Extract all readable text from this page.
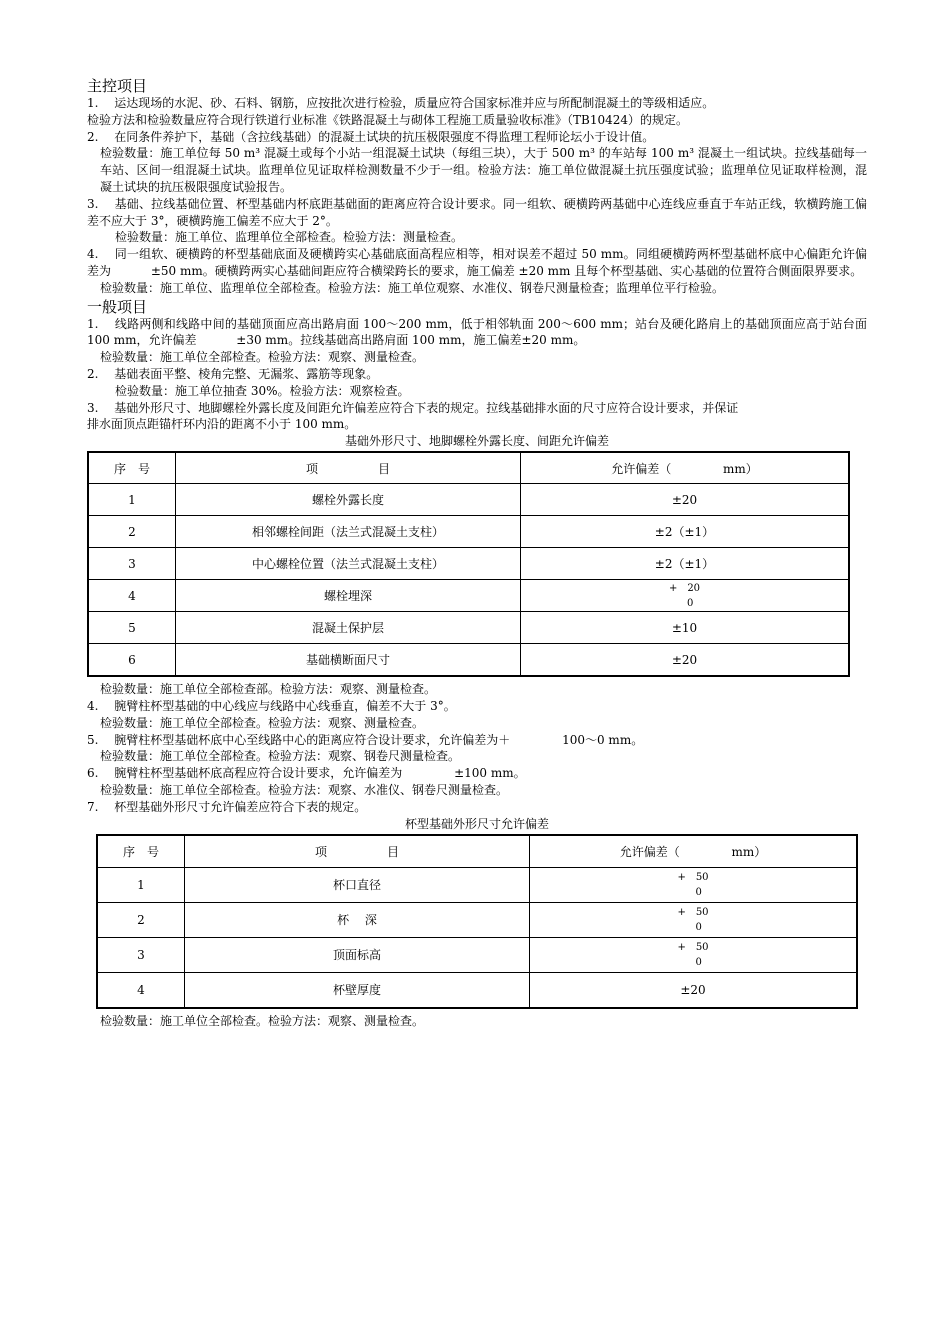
主控项目
1.　 运达现场的水泥、砂、石料、钢筋，应按批次进行检验，质量应符合国家标准并应与所配制混凝土的等级相适应。
检验方法和检验数量应符合现行铁道行业标准《铁路混凝土与砌体工程施工质量验收标准》（TB10424）的规定。
2.　 在同条件养护下，基础（含拉线基础）的混凝土试块的抗压极限强度不得监理工程师论坛小于设计值。
检验数量：施工单位每 50 m³ 混凝土或每个小站一组混凝土试块（每组三块），大于 500 m³ 的车站每 100 m³ 混凝土一组试块。拉线基础每一车站、区间一组混凝土试块。监理单位见证取样检测数量不少于一组。检验方法：施工单位做混凝土抗压强度试验；监理单位见证取样检测，混凝土试块的抗压极限强度试验报告。
3.　 基础、拉线基础位置、杯型基础内杯底距基础面的距离应符合设计要求。同一组软、硬横跨两基础中心连线应垂直于车站正线，软横跨施工偏差不应大于 3°，硬横跨施工偏差不应大于 2°。
检验数量：施工单位、监理单位全部检查。检验方法：测量检查。
4.　 同一组软、硬横跨的杯型基础底面及硬横跨实心基础底面高程应相等，相对误差不超过 50 mm。同组硬横跨两杯型基础杯底中心偏距允许偏差为　　　 ±50 mm。硬横跨两实心基础间距应符合横梁跨长的要求，施工偏差 ±20 mm 且每个杯型基础、实心基础的位置符合侧面限界要求。
检验数量：施工单位、监理单位全部检查。检验方法：施工单位观察、水准仪、钢卷尺测量检查；监理单位平行检验。
一般项目
1.　 线路两侧和线路中间的基础顶面应高出路肩面 100～200 mm，低于相邻轨面 200～600 mm；站台及硬化路肩上的基础顶面应高于站台面 100 mm，允许偏差　　　 ±30 mm。拉线基础高出路肩面 100 mm，施工偏差±20 mm。
检验数量：施工单位全部检查。检验方法：观察、测量检查。
2.　 基础表面平整、棱角完整、无漏浆、露筋等现象。
检验数量：施工单位抽查 30%。检验方法：观察检查。
3.　 基础外形尺寸、地脚螺栓外露长度及间距允许偏差应符合下表的规定。拉线基础排水面的尺寸应符合设计要求，并保证
排水面顶点距锚杆环内沿的距离不小于 100 mm。
基础外形尺寸、地脚螺栓外露长度、间距允许偏差
序　号	项　　　　　目	允许偏差（　　　　 mm）
1	螺栓外露长度	±20
2	相邻螺栓间距（法兰式混凝土支柱）	±2（±1）
3	中心螺栓位置（法兰式混凝土支柱）	±2（±1）
4	螺栓埋深	+　20
0

5	混凝土保护层	±10
6	基础横断面尺寸	±20
检验数量：施工单位全部检查部。检验方法：观察、测量检查。
4.　 腕臂柱杯型基础的中心线应与线路中心线垂直，偏差不大于 3°。
检验数量：施工单位全部检查。检验方法：观察、测量检查。
5.　 腕臂柱杯型基础杯底中心至线路中心的距离应符合设计要求，允许偏差为＋　　　　 100～0 mm。
检验数量：施工单位全部检查。检验方法：观察、钢卷尺测量检查。
6.　 腕臂柱杯型基础杯底高程应符合设计要求，允许偏差为　　　　 ±100 mm。
检验数量：施工单位全部检查。检验方法：观察、水准仪、钢卷尺测量检查。
7.　 杯型基础外形尺寸允许偏差应符合下表的规定。
杯型基础外形尺寸允许偏差
序　号	项　　　　　目	允许偏差（　　　　 mm）
1	杯口直径	+　50
0

2	杯　 深	+　50
0

3	顶面标高	+　50
0

4	杯壁厚度	±20
检验数量：施工单位全部检查。检验方法：观察、测量检查。
